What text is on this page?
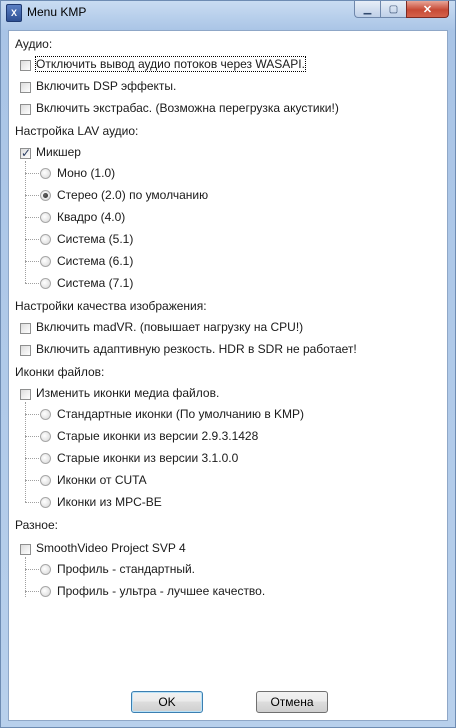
X Menu KMP	▁ ▢ ✕
Аудио:
Отключить вывод аудио потоков через WASAPI.
Включить DSP эффекты.
Включить экстрабас. (Возможна перегрузка акустики!)
Настройка LAV аудио:
✓
Микшер
Моно (1.0)
Стерео (2.0) по умолчанию
Квадро (4.0)
Система (5.1)
Система (6.1)
Система (7.1)
Настройки качества изображения:
Включить madVR. (повышает нагрузку на CPU!)
Включить адаптивную резкость. HDR в SDR не работает!
Иконки файлов:
Изменить иконки медиа файлов.
Стандартные иконки (По умолчанию в KMP)
Старые иконки из версии 2.9.3.1428
Старые иконки из версии 3.1.0.0
Иконки от CUTA
Иконки из MPC-BE
Разное:
SmoothVideo Project SVP 4
Профиль - стандартный.
Профиль - ультра - лучшее качество.
OK	Отмена
